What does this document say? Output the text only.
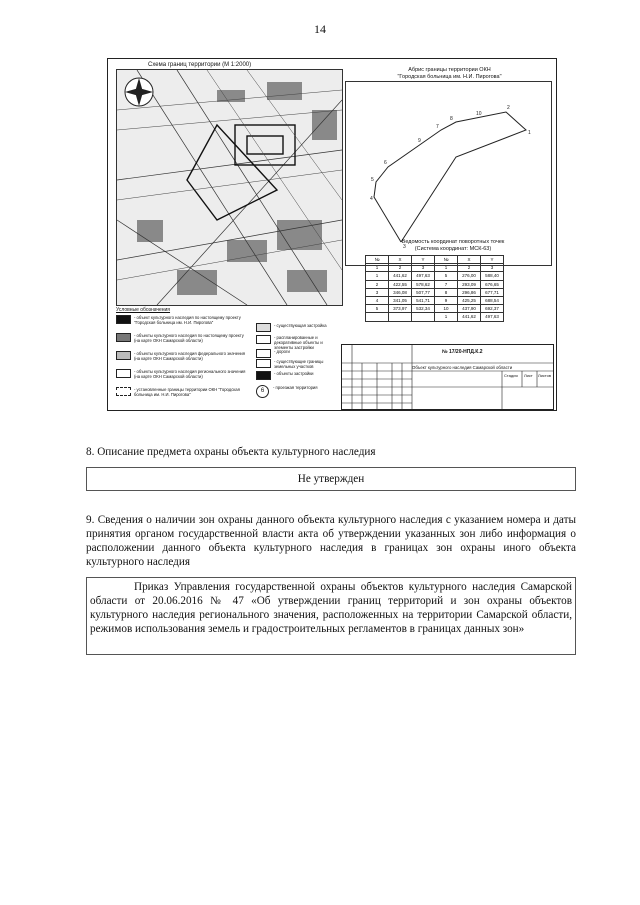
14
Схема границ территории (М 1:2000)
Абрис границы территории ОКН
"Городская больница им. Н.И. Пирогова"
1
2
3
4
5
6
7
8
9
10
Ведомость координат поворотных точек
(Система координат: МСК-63)
№	X	Y	№	X	Y
1	2	3	1	2	3
1	441,62	497,63	5	276,00	588,40
2	422,55	578,62	7	293,09	676,65
3	346,08	507,77	8	296,86	677,71
4	341,05	541,71	9	425,25	688,54
5	373,97	532,34	10	437,90	692,37
			1	441,62	497,63
Условные обозначения
- объект культурного наследия по настоящему проекту "Городская больница им. Н.И. Пирогова"
- объекты культурного наследия по настоящему проекту (на карте ОКН Самарской области)
- объекты культурного наследия федерального значения (на карте ОКН Самарской области)
- объекты культурного наследия регионального значения (на карте ОКН Самарской области)
- установленные границы территории ОКН "Городская больница им. Н.И. Пирогова"
- существующая застройка
- распланированные и декоративные объекты и элементы застройки
- дороги
- существующие границы земельных участков
- объекты застройки
6
- проезжая территория
№ 17/20-НПД.К.2
Объект культурного наследия Самарской области
Стадия Лист Листов
8. Описание предмета охраны объекта культурного наследия
Не утвержден
9. Сведения о наличии зон охраны данного объекта культурного наследия с указанием номера и даты принятия органом государственной власти акта об утверждении указанных зон либо информация о расположении данного объекта культурного наследия в границах зон охраны иного объекта культурного наследия
Приказ Управления государственной охраны объектов культурного наследия Самарской области от 20.06.2016 № 47 «Об утверждении границ территорий и зон охраны объектов культурного наследия регионального значения, расположенных на территории Самарской области, режимов использования земель и градостроительных регламентов в границах данных зон»
